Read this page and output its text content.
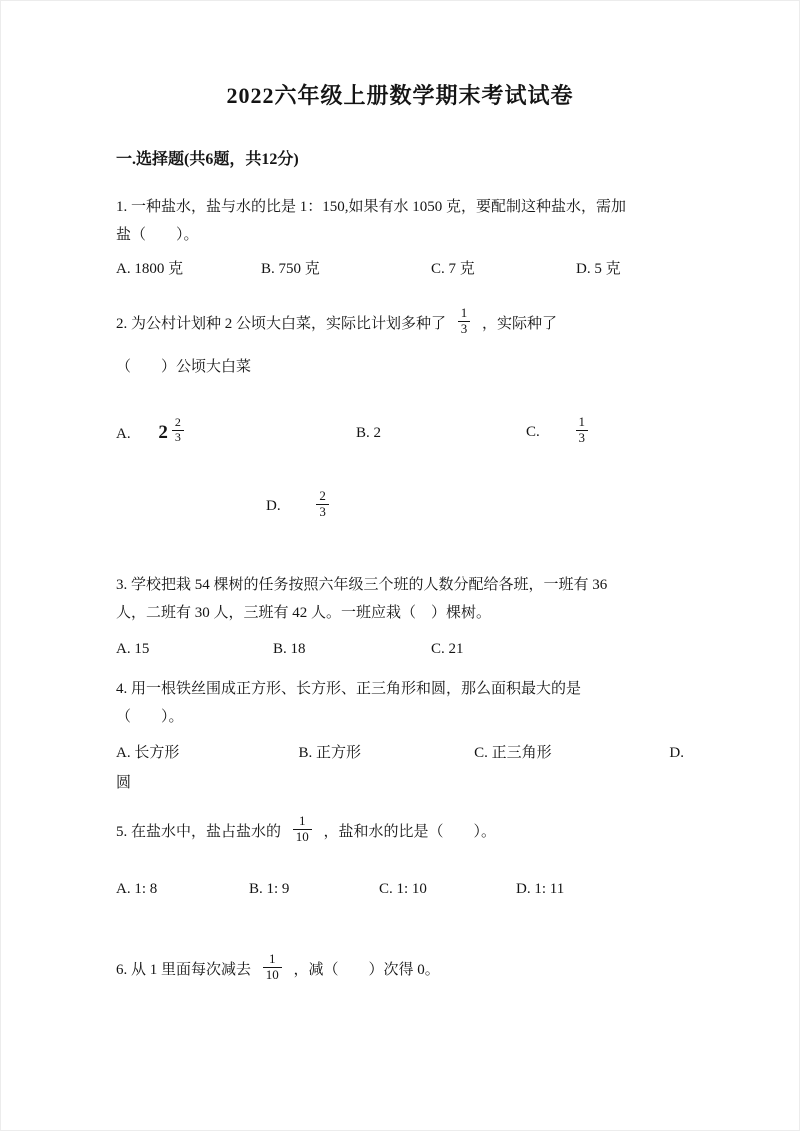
2022六年级上册数学期末考试试卷
一.选择题(共6题，共12分)

1. 一种盐水，盐与水的比是 1：150,如果有水 1050 克，要配制这种盐水，需加
盐（　　）。

A. 1800 克	B. 750 克	C. 7 克	D. 5 克

2. 为公村计划种 2 公顷大白菜，实际比计划多种了 $\frac{1}{3}$ ，实际种了

（　　）公顷大白菜

A. $2 \frac{2}{3}$	B. 2	C.	$\frac{1}{3}$
D.	$\frac{2}{3}$

3. 学校把栽 54 棵树的任务按照六年级三个班的人数分配给各班，一班有 36
人，二班有 30 人，三班有 42 人。一班应栽（　）棵树。

A. 15	B. 18	C. 21

4. 用一根铁丝围成正方形、长方形、正三角形和圆，那么面积最大的是
（　　）。

A. 长方形	B. 正方形	C. 正三角形	D.

圆

5. 在盐水中，盐占盐水的 $\frac{1}{10}$ ，盐和水的比是（　　）。

A. 1: 8	B. 1: 9	C. 1: 10	D. 1: 11

6. 从 1 里面每次减去 $\frac{1}{10}$ ，减（　　）次得 0。
